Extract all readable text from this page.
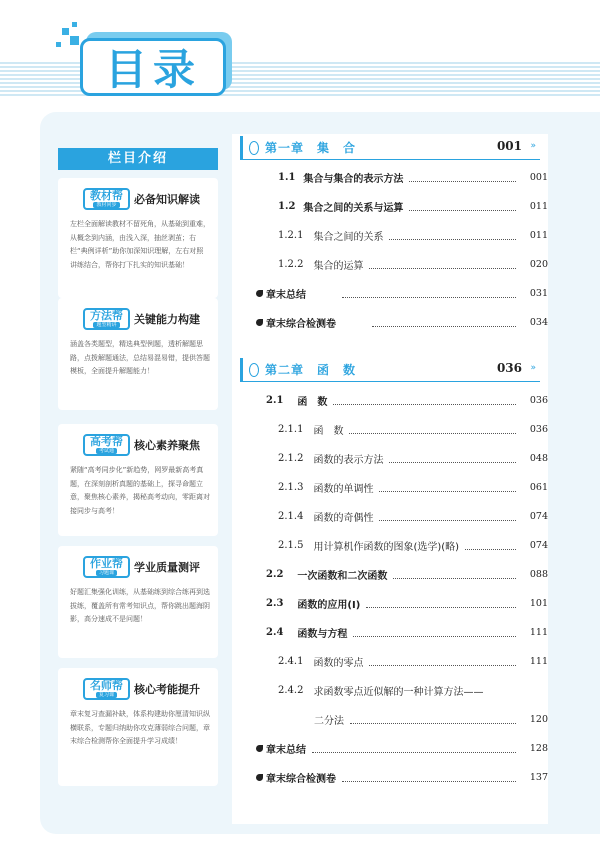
目录
栏目介绍
教材帮
教材同步 必备知识解读
左栏全面解读教材不留死角，从基础到重难，从概念到内涵，由浅入深，抽丝剥茧；右栏“典例详析”助你加深知识理解，左右对照讲练结合，帮你打下扎实的知识基础！
方法帮
题型精讲 关键能力构建
涵盖各类题型，精选典型例题，透析解题思路，点拨解题通法，总结易混易错，提供答题模板，全面提升解题能力！
高考帮
考试通 核心素养聚焦
紧随“高考同步化”新趋势，网罗最新高考真题，在深刻剖析真题的基础上，探寻命题立意，聚焦核心素养，揭秘高考动向，零距离对接同步与高考！
作业帮
习题课 学业质量测评
好题汇集强化训练，从基础练到综合练再到选拔练，覆盖所有常考知识点，帮你跳出题海阴影，高分速成不是问题！
名师帮
复习课 核心考能提升
章末复习查漏补缺，体系构建助你厘清知识纵横联系，专题归纳助你攻克薄弱综合问题，章末综合检测帮你全面提升学习成绩！
第一章　集　合	001 »
1.1 集合与集合的表示方法	001
1.2 集合之间的关系与运算	011
1.2.1 集合之间的关系	011
1.2.2 集合的运算	020
章末总结	031
章末综合检测卷	034
第二章　函　数	036 »
2.1 函　数	036
2.1.1 函　数	036
2.1.2 函数的表示方法	048
2.1.3 函数的单调性	061
2.1.4 函数的奇偶性	074
2.1.5 用计算机作函数的图象(选学)(略)	074
2.2 一次函数和二次函数	088
2.3 函数的应用(Ⅰ)	101
2.4 函数与方程	111
2.4.1 函数的零点	111
2.4.2 求函数零点近似解的一种计算方法——
二分法	120
章末总结	128
章末综合检测卷	137
